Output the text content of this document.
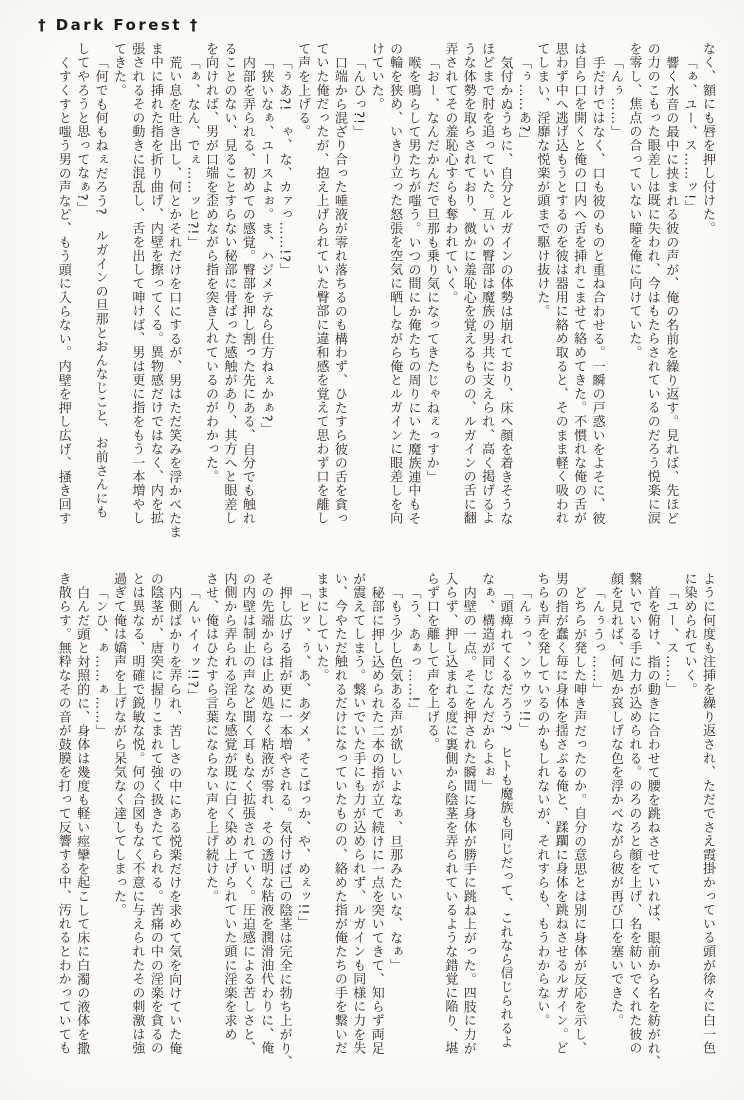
† Dark Forest †
なく、額にも唇を押し付けた。
「ぁ、ユー、ス……ッ!」
響く水音の最中に挟まれる彼の声が、俺の名前を繰り返す。見れば、先ほど
の力のこもった眼差しは既に失われ、今はもたらされているのだろう悦楽に涙
を零し、焦点の合っていない瞳を俺に向けていた。
「んぅ……」
手だけではなく、口も彼のものと重ね合わせる。一瞬の戸惑いをよそに、彼
は自ら口を開くと俺の口内へ舌を挿れこませて絡めてきた。不慣れな俺の舌が
思わず中へ逃げ込もうとするのを彼は器用に絡め取ると、そのまま軽く吸われ
てしまい、淫靡な悦楽が頭まで駆け抜けた。
「ぅ……あ?」
気付かぬうちに、自分とルガインの体勢は崩れており、床へ顔を着きそうな
ほどまで肘を追っていた。互いの臀部は魔族の男共に支えられ、高く掲げるよ
うな体勢を取らされており、微かに羞恥心を覚えるものの、ルガインの舌に翻
弄されてその羞恥心すらも奪われていく。
「おー、なんだかんだで旦那も乗り気になってきたじゃねぇっすか」
喉を鳴らして男たちが嗤う。いつの間にか俺たちの周りにいた魔族連中もそ
の輪を狭め、いきり立った怒張を空気に晒しながら俺とルガインに眼差しを向
けていた。
「んひっ?!」
口端から混ざり合った唾液が零れ落ちるのも構わず、ひたすら彼の舌を貪っ
ていた俺だったが、抱え上げられていた臀部に違和感を覚えて思わず口を離し
て声を上げる。
「ぅあ?!　ゃ、な、カァっ……!?」
「狭いなぁ、ユースよぉ。ま、ハジメテなら仕方ねぇかぁ?」
内部を弄られる、初めての感覚。臀部を押し割った先にある、自分でも触れ
ることのない、見ることすらない秘部に骨ばった感触があり、其方へと眼差し
を向ければ、男が口端を歪めながら指を突き入れているのがわかった。
「ぁ、なん、でぇ……ッヒ?!」
荒い息を吐き出し、何とかそれだけを口にするが、男はただ笑みを浮かべたま
ま中に挿れた指を折り曲げ、内壁を擦ってくる。異物感だけではなく、内を拡
張されるその動きに混乱し、舌を出して呻けば、男は更に指をもう一本増やし
てきた。
「何でも何もねぇだろう?　ルガインの旦那とおんなじこと、お前さんにも
してやろうと思ってなぁ?」
くすくすと嗤う男の声など、もう頭に入らない。内壁を押し広げ、掻き回す
ように何度も注挿を繰り返され、ただでさえ霞掛かっている頭が徐々に白一色
に染められていく。
「ユー、ス……」
首を俯け、指の動きに合わせて腰を跳ねさせていれば、眼前から名を紡がれ、
繋いでいる手に力が込められる。のろのろと顔を上げ、名を紡いでくれた彼の
顔を見れば、何処か哀しげな色を浮かべながら彼が再び口を塞いできた。
「んぅうっ……」
どちらが発した呻き声だったのか。自分の意思とは別に身体が反応を示し、
男の指が蠢く毎に身体を揺さぶる俺と、蹂躙に身体を跳ねさせるルガイン。ど
ちらも声を発しているのかもしれないが、それすらも、もうわからない。
「んぅっ、ンゥウッ!!」
「頭痺れてくるだろう?　ヒトも魔族も同じだって、これなら信じられるよ
なぁ、構造が同じなんだからよぉ」
内壁の一点。そこを押された瞬間に身体が勝手に跳ね上がった。四肢に力が
入らず、押し込まれる度に裏側から陰茎を弄られているような錯覚に陥り、堪
らず口を離して声を上げる。
「う、あぁっ……!」
「もう少し色気ある声が欲しいよなぁ、旦那みたいな、なぁ」
秘部に押し込められた二本の指が立て続けに一点を突いてきて、知らず両足
が震えてしまう。繋いでいた手にも力が込められず、ルガインも同様に力を失
い、今やただ触れるだけになっていたものの、絡めた指が俺たちの手を繋いだ
ままにしていた。
「ヒッ、ぅ、あ、あダメ、そこばっか、や、めぇッ!!」
押し広げる指が更に一本増やされる。気付けば己の陰茎は完全に勃ち上がり、
その先端からは止め処なく粘液が零れ、その透明な粘液を潤滑油代わりに、俺
の内壁は制止の声など聞く耳もなく拡張されていく。圧迫感による苦しさと、
内側から弄られる淫らな感覚が既に白く染め上げられていた頭に淫楽を求め
させ、俺はひたすら言葉にならない声を上げ続けた。
「んぃイィッ!!?」
内側ばかりを弄られ、苦しさの中にある悦楽だけを求めて気を向けていた俺
の陰茎が、唐突に握りこまれて強く扱きたてられる。苦痛の中の淫楽を貪るの
とは異なる、明確で鋭敏な悦。何の合図もなく不意に与えられたその刺激は強
過ぎて俺は嬌声を上げながら呆気なく達してしまった。
「ンひ、ぁ……ぁ……」
白んだ頭と対照的に、身体は幾度も軽い痙攣を起こして床に白濁の液体を撒
き散らす。無粋なその音が鼓膜を打って反響する中、汚れるとわかっていても
